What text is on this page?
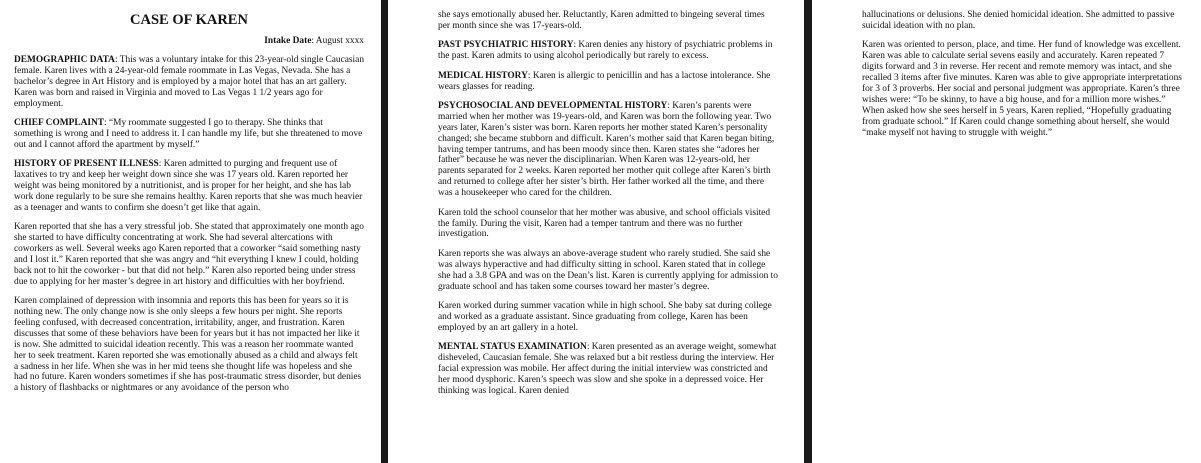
CASE OF KAREN

Intake Date: August xxxx

DEMOGRAPHIC DATA: This was a voluntary intake for this 23-year-old single Caucasian female. Karen lives with a 24-year-old female roommate in Las Vegas, Nevada. She has a bachelor’s degree in Art History and is employed by a major hotel that has an art gallery. Karen was born and raised in Virginia and moved to Las Vegas 1 1/2 years ago for employment.

CHIEF COMPLAINT: “My roommate suggested I go to therapy. She thinks that something is wrong and I need to address it. I can handle my life, but she threatened to move out and I cannot afford the apartment by myself.”

HISTORY OF PRESENT ILLNESS: Karen admitted to purging and frequent use of laxatives to try and keep her weight down since she was 17 years old. Karen reported her weight was being monitored by a nutritionist, and is proper for her height, and she has lab work done regularly to be sure she remains healthy. Karen reports that she was much heavier as a teenager and wants to confirm she doesn’t get like that again.

Karen reported that she has a very stressful job. She stated that approximately one month ago she started to have difficulty concentrating at work. She had several altercations with coworkers as well. Several weeks ago Karen reported that a coworker “said something nasty and I lost it.” Karen reported that she was angry and “hit everything I knew I could, holding back not to hit the coworker - but that did not help.” Karen also reported being under stress due to applying for her master’s degree in art history and difficulties with her boyfriend.

Karen complained of depression with insomnia and reports this has been for years so it is nothing new. The only change now is she only sleeps a few hours per night. She reports feeling confused, with decreased concentration, irritability, anger, and frustration. Karen discusses that some of these behaviors have been for years but it has not impacted her like it is now. She admitted to suicidal ideation recently. This was a reason her roommate wanted her to seek treatment. Karen reported she was emotionally abused as a child and always felt a sadness in her life. When she was in her mid teens she thought life was hopeless and she had no future. Karen wonders sometimes if she has post-traumatic stress disorder, but denies a history of flashbacks or nightmares or any avoidance of the person who

she says emotionally abused her. Reluctantly, Karen admitted to bingeing several times per month since she was 17-years-old.

PAST PSYCHIATRIC HISTORY: Karen denies any history of psychiatric problems in the past. Karen admits to using alcohol periodically but rarely to excess.

MEDICAL HISTORY: Karen is allergic to penicillin and has a lactose intolerance. She wears glasses for reading.

PSYCHOSOCIAL AND DEVELOPMENTAL HISTORY: Karen’s parents were married when her mother was 19-years-old, and Karen was born the following year. Two years later, Karen’s sister was born. Karen reports her mother stated Karen’s personality changed; she became stubborn and difficult. Karen’s mother said that Karen began biting, having temper tantrums, and has been moody since then. Karen states she “adores her father” because he was never the disciplinarian. When Karen was 12-years-old, her parents separated for 2 weeks. Karen reported her mother quit college after Karen’s birth and returned to college after her sister’s birth. Her father worked all the time, and there was a housekeeper who cared for the children.

Karen told the school counselor that her mother was abusive, and school officials visited the family. During the visit, Karen had a temper tantrum and there was no further investigation.

Karen reports she was always an above-average student who rarely studied. She said she was always hyperactive and had difficulty sitting in school. Karen stated that in college she had a 3.8 GPA and was on the Dean’s list. Karen is currently applying for admission to graduate school and has taken some courses toward her master’s degree.

Karen worked during summer vacation while in high school. She baby sat during college and worked as a graduate assistant. Since graduating from college, Karen has been employed by an art gallery in a hotel.

MENTAL STATUS EXAMINATION: Karen presented as an average weight, somewhat disheveled, Caucasian female. She was relaxed but a bit restless during the interview. Her facial expression was mobile. Her affect during the initial interview was constricted and her mood dysphoric. Karen’s speech was slow and she spoke in a depressed voice. Her thinking was logical. Karen denied

hallucinations or delusions. She denied homicidal ideation. She admitted to passive suicidal ideation with no plan.

Karen was oriented to person, place, and time. Her fund of knowledge was excellent. Karen was able to calculate serial sevens easily and accurately. Karen repeated 7 digits forward and 3 in reverse. Her recent and remote memory was intact, and she recalled 3 items after five minutes. Karen was able to give appropriate interpretations for 3 of 3 proverbs. Her social and personal judgment was appropriate. Karen’s three wishes were: “To be skinny, to have a big house, and for a million more wishes.” When asked how she sees herself in 5 years, Karen replied, “Hopefully graduating from graduate school.” If Karen could change something about herself, she would “make myself not having to struggle with weight.”
